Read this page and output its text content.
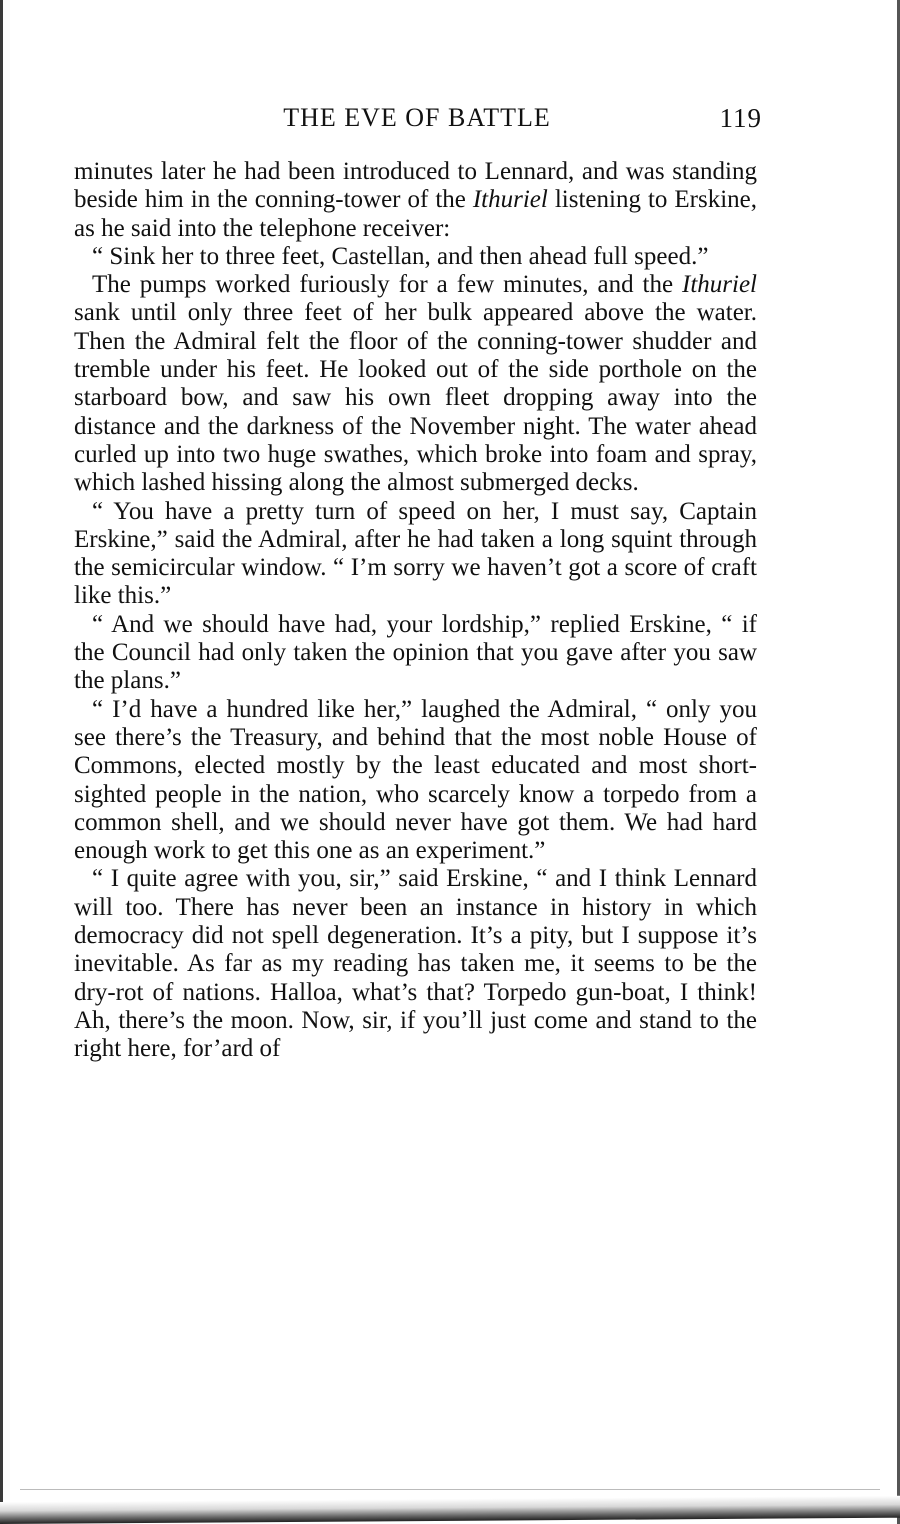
THE EVE OF BATTLE	119

minutes later he had been introduced to Lennard, and was standing beside him in the conning-tower of the Ithuriel listening to Erskine, as he said into the telephone receiver:

“ Sink her to three feet, Castellan, and then ahead full speed.”

The pumps worked furiously for a few minutes, and the Ithuriel sank until only three feet of her bulk appeared above the water. Then the Admiral felt the floor of the conning-tower shudder and tremble under his feet. He looked out of the side porthole on the starboard bow, and saw his own fleet dropping away into the distance and the darkness of the November night. The water ahead curled up into two huge swathes, which broke into foam and spray, which lashed hissing along the almost submerged decks.

“ You have a pretty turn of speed on her, I must say, Captain Erskine,” said the Admiral, after he had taken a long squint through the semicircular window. “ I’m sorry we haven’t got a score of craft like this.”

“ And we should have had, your lordship,” replied Erskine, “ if the Council had only taken the opinion that you gave after you saw the plans.”

“ I’d have a hundred like her,” laughed the Admiral, “ only you see there’s the Treasury, and behind that the most noble House of Commons, elected mostly by the least educated and most short-sighted people in the nation, who scarcely know a torpedo from a common shell, and we should never have got them. We had hard enough work to get this one as an experiment.”

“ I quite agree with you, sir,” said Erskine, “ and I think Lennard will too. There has never been an instance in history in which democracy did not spell degeneration. It’s a pity, but I suppose it’s inevitable. As far as my reading has taken me, it seems to be the dry-rot of nations. Halloa, what’s that? Torpedo gun-boat, I think! Ah, there’s the moon. Now, sir, if you’ll just come and stand to the right here, for’ard of
